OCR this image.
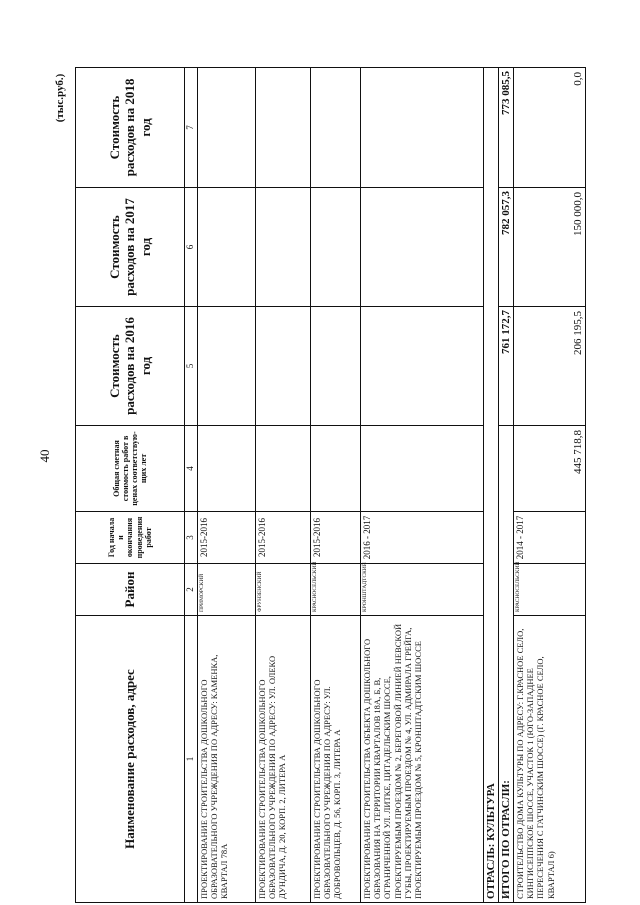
40
(тыс.руб.)
Наименование расходов, адрес	Район	Год начала и окончания проведения работ	Общая сметная стоимость работ в ценах соответствую-щих лет	Стоимость расходов на 2016 год	Стоимость расходов на 2017 год	Стоимость расходов на 2018 год
1	2	3	4	5	6	7
ПРОЕКТИРОВАНИЕ СТРОИТЕЛЬСТВА ДОШКОЛЬНОГО ОБРАЗОВАТЕЛЬНОГО УЧРЕЖДЕНИЯ ПО АДРЕСУ: КАМЕНКА, КВАРТАЛ 78А	ПРИМОРСКИЙ	2015-2016				
ПРОЕКТИРОВАНИЕ СТРОИТЕЛЬСТВА ДОШКОЛЬНОГО ОБРАЗОВАТЕЛЬНОГО УЧРЕЖДЕНИЯ ПО АДРЕСУ: УЛ. ОЛЕКО ДУНДИЧА, Д. 20, КОРП. 2, ЛИТЕРА А	ФРУНЗЕНСКИЙ	2015-2016				
ПРОЕКТИРОВАНИЕ СТРОИТЕЛЬСТВА ДОШКОЛЬНОГО ОБРАЗОВАТЕЛЬНОГО УЧРЕЖДЕНИЯ ПО АДРЕСУ: УЛ. ДОБРОВОЛЬЦЕВ, Д. 56, КОРП. 3, ЛИТЕРА А	КРАСНОСЕЛЬСКИЙ	2015-2016				
ПРОЕКТИРОВАНИЕ СТРОИТЕЛЬСТВА ОБЪЕКТА ДОШКОЛЬНОГО ОБРАЗОВАНИЯ НА ТЕРРИТОРИИ КВАРТАЛОВ 18А, Б, В, ОГРАНИЧЕННОЙ УЛ. ЛИТКЕ, ЦИТАДЕЛЬСКИМ ШОССЕ, ПРОЕКТИРУЕМЫМ ПРОЕЗДОМ № 2, БЕРЕГОВОЙ ЛИНИЕЙ НЕВСКОЙ ГУБЫ, ПРОЕКТИРУЕМЫМ ПРОЕЗДОМ № 4, УЛ. АДМИРАЛА ГРЕЙГА, ПРОЕКТИРУЕМЫМ ПРОЕЗДОМ № 5, КРОНШТАДТСКИМ ШОССЕ	КРОНШТАДТСКИЙ	2016 - 2017				
ОТРАСЛЬ: КУЛЬТУРА						
ИТОГО ПО ОТРАСЛИ:				761 172,7	782 057,3	773 085,5
СТРОИТЕЛЬСТВО ДОМА КУЛЬТУРЫ ПО АДРЕСУ: Г.КРАСНОЕ СЕЛО, КИНГИСЕППСКОЕ ШОССЕ, УЧАСТОК 1 (ЮГО-ЗАПАДНЕЕ ПЕРЕСЕЧЕНИЯ С ГАТЧИНСКИМ ШОССЕ) (Г. КРАСНОЕ СЕЛО, КВАРТАЛ 6)	КРАСНОСЕЛЬСКИЙ	2014 - 2017	445 718,8	206 195,5	150 000,0	0,0
